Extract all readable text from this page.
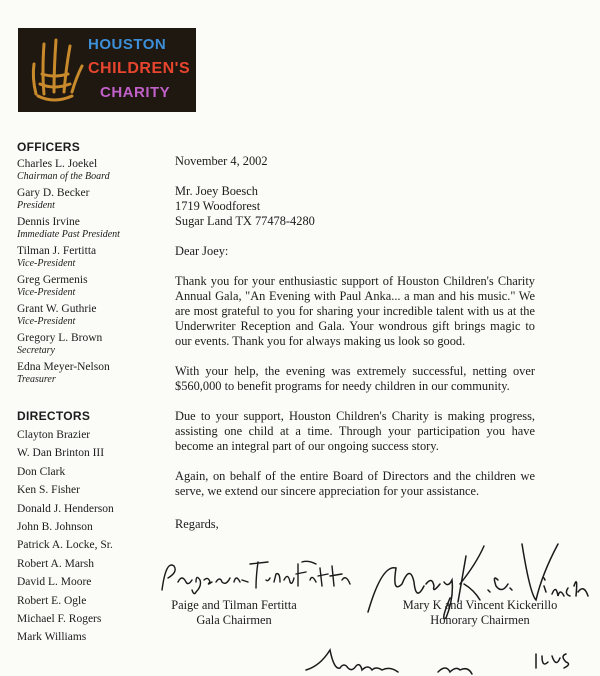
HOUSTON
CHILDREN'S
CHARITY
OFFICERS
Charles L. Joekel
Chairman of the Board
Gary D. Becker
President
Dennis Irvine
Immediate Past President
Tilman J. Fertitta
Vice-President
Greg Germenis
Vice-President
Grant W. Guthrie
Vice-President
Gregory L. Brown
Secretary
Edna Meyer-Nelson
Treasurer
DIRECTORS
Clayton Brazier
W. Dan Brinton III
Don Clark
Ken S. Fisher
Donald J. Henderson
John B. Johnson
Patrick A. Locke, Sr.
Robert A. Marsh
David L. Moore
Robert E. Ogle
Michael F. Rogers
Mark Williams

November 4, 2002

Mr. Joey Boesch

1719 Woodforest

Sugar Land TX 77478-4280

Dear Joey:

Thank you for your enthusiastic support of Houston Children's Charity Annual Gala, "An Evening with Paul Anka... a man and his music." We are most grateful to you for sharing your incredible talent with us at the Underwriter Reception and Gala. Your wondrous gift brings magic to our events. Thank you for always making us look so good.

With your help, the evening was extremely successful, netting over $560,000 to benefit programs for needy children in our community.

Due to your support, Houston Children's Charity is making progress, assisting one child at a time. Through your participation you have become an integral part of our ongoing success story.

Again, on behalf of the entire Board of Directors and the children we serve, we extend our sincere appreciation for your assistance.

Regards,

Paige and Tilman Fertitta
Gala Chairmen
Mary K and Vincent Kickerillo
Honorary Chairmen
